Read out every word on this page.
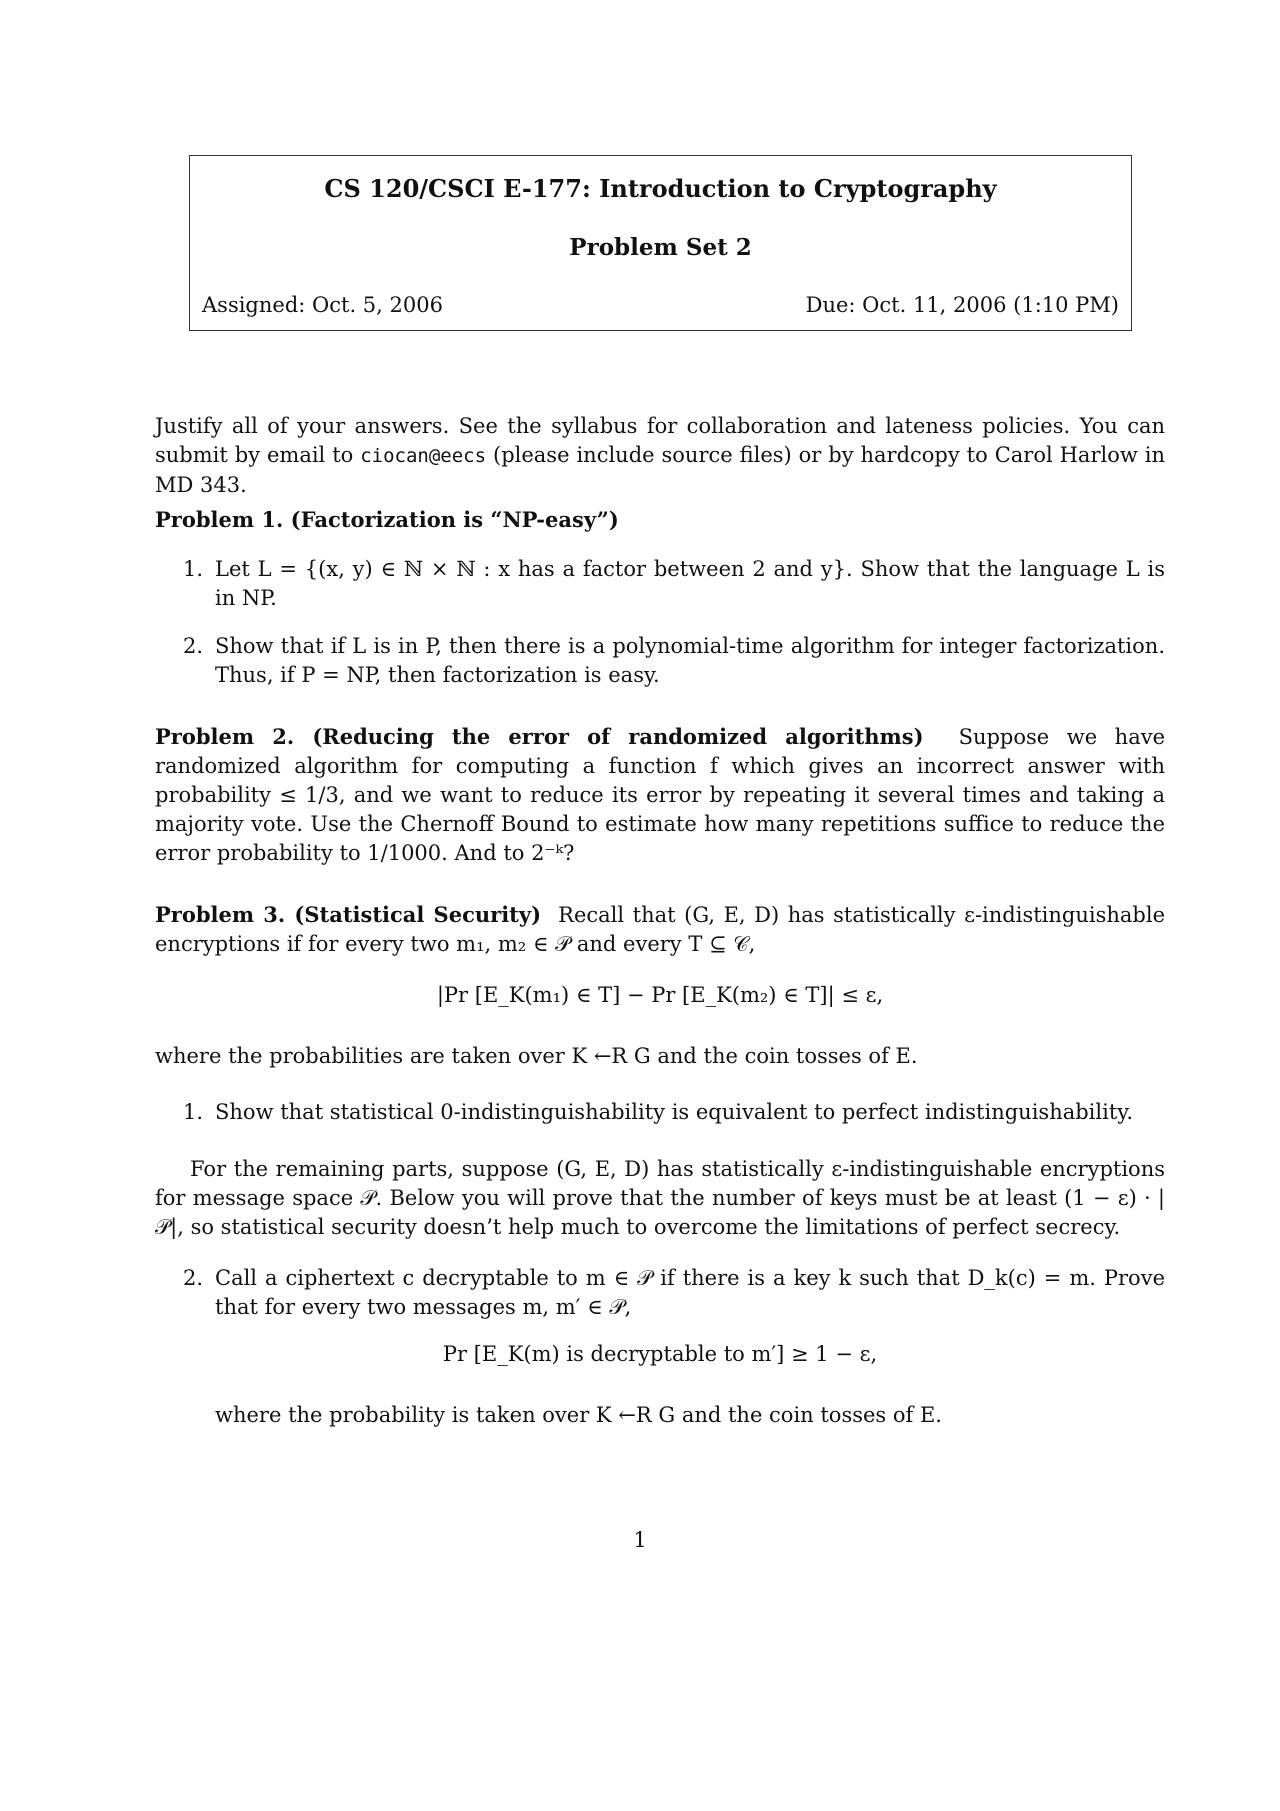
CS 120/CSCI E-177: Introduction to Cryptography
Problem Set 2
Assigned: Oct. 5, 2006	Due: Oct. 11, 2006 (1:10 PM)
Justify all of your answers. See the syllabus for collaboration and lateness policies. You can submit by email to ciocan@eecs (please include source files) or by hardcopy to Carol Harlow in MD 343.
Problem 1. (Factorization is “NP-easy”)
1. Let L = {(x, y) ∈ ℕ × ℕ : x has a factor between 2 and y}. Show that the language L is in NP.
2. Show that if L is in P, then there is a polynomial-time algorithm for integer factorization. Thus, if P = NP, then factorization is easy.
Problem 2. (Reducing the error of randomized algorithms) Suppose we have randomized algorithm for computing a function f which gives an incorrect answer with probability ≤ 1/3, and we want to reduce its error by repeating it several times and taking a majority vote. Use the Chernoff Bound to estimate how many repetitions suffice to reduce the error probability to 1/1000. And to 2⁻ᵏ?
Problem 3. (Statistical Security) Recall that (G, E, D) has statistically ε-indistinguishable encryptions if for every two m₁, m₂ ∈ 𝒫 and every T ⊆ 𝒞,
|Pr [E_K(m₁) ∈ T] − Pr [E_K(m₂) ∈ T]| ≤ ε,
where the probabilities are taken over K ←R G and the coin tosses of E.
1. Show that statistical 0-indistinguishability is equivalent to perfect indistinguishability.
For the remaining parts, suppose (G, E, D) has statistically ε-indistinguishable encryptions for message space 𝒫. Below you will prove that the number of keys must be at least (1 − ε) · |𝒫|, so statistical security doesn’t help much to overcome the limitations of perfect secrecy.
2. Call a ciphertext c decryptable to m ∈ 𝒫 if there is a key k such that D_k(c) = m. Prove that for every two messages m, m′ ∈ 𝒫,
Pr [E_K(m) is decryptable to m′] ≥ 1 − ε,
where the probability is taken over K ←R G and the coin tosses of E.
1
